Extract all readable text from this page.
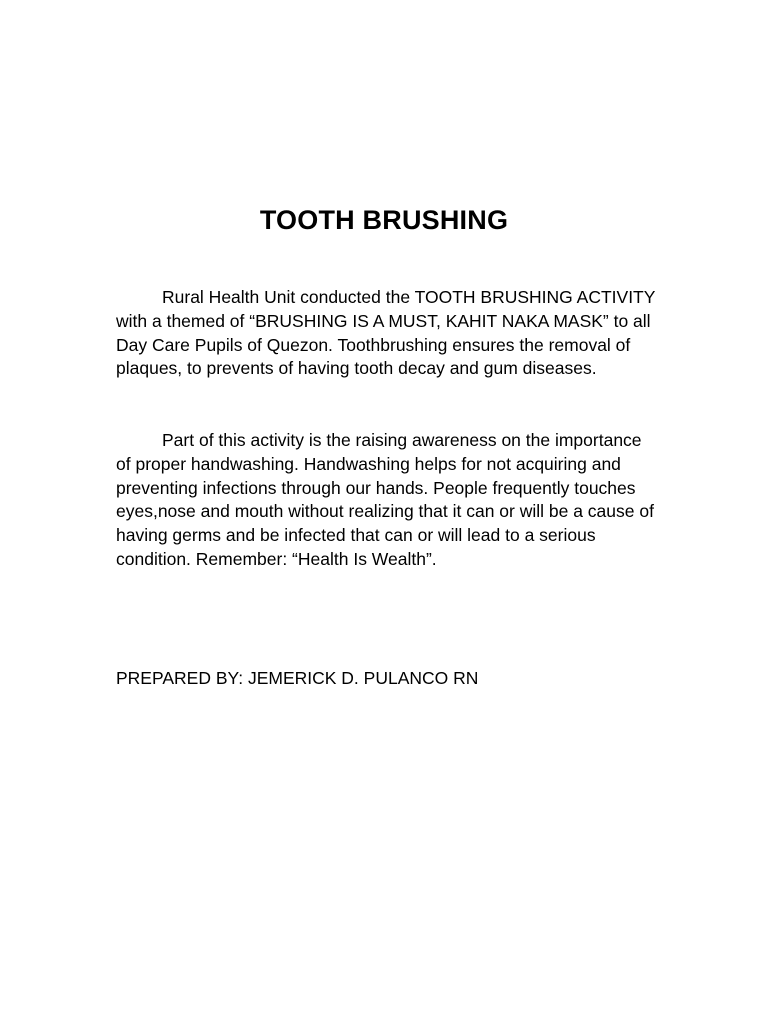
TOOTH BRUSHING

Rural Health Unit conducted the TOOTH BRUSHING ACTIVITY with a themed of “BRUSHING IS A MUST, KAHIT NAKA MASK” to all Day Care Pupils of Quezon. Toothbrushing ensures the removal of plaques, to prevents of having tooth decay and gum diseases.

Part of this activity is the raising awareness on the importance of proper handwashing. Handwashing helps for not acquiring and preventing infections through our hands. People frequently touches eyes,nose and mouth without realizing that it can or will be a cause of having germs and be infected that can or will lead to a serious condition. Remember: “Health Is Wealth”.

PREPARED BY: JEMERICK D. PULANCO RN
